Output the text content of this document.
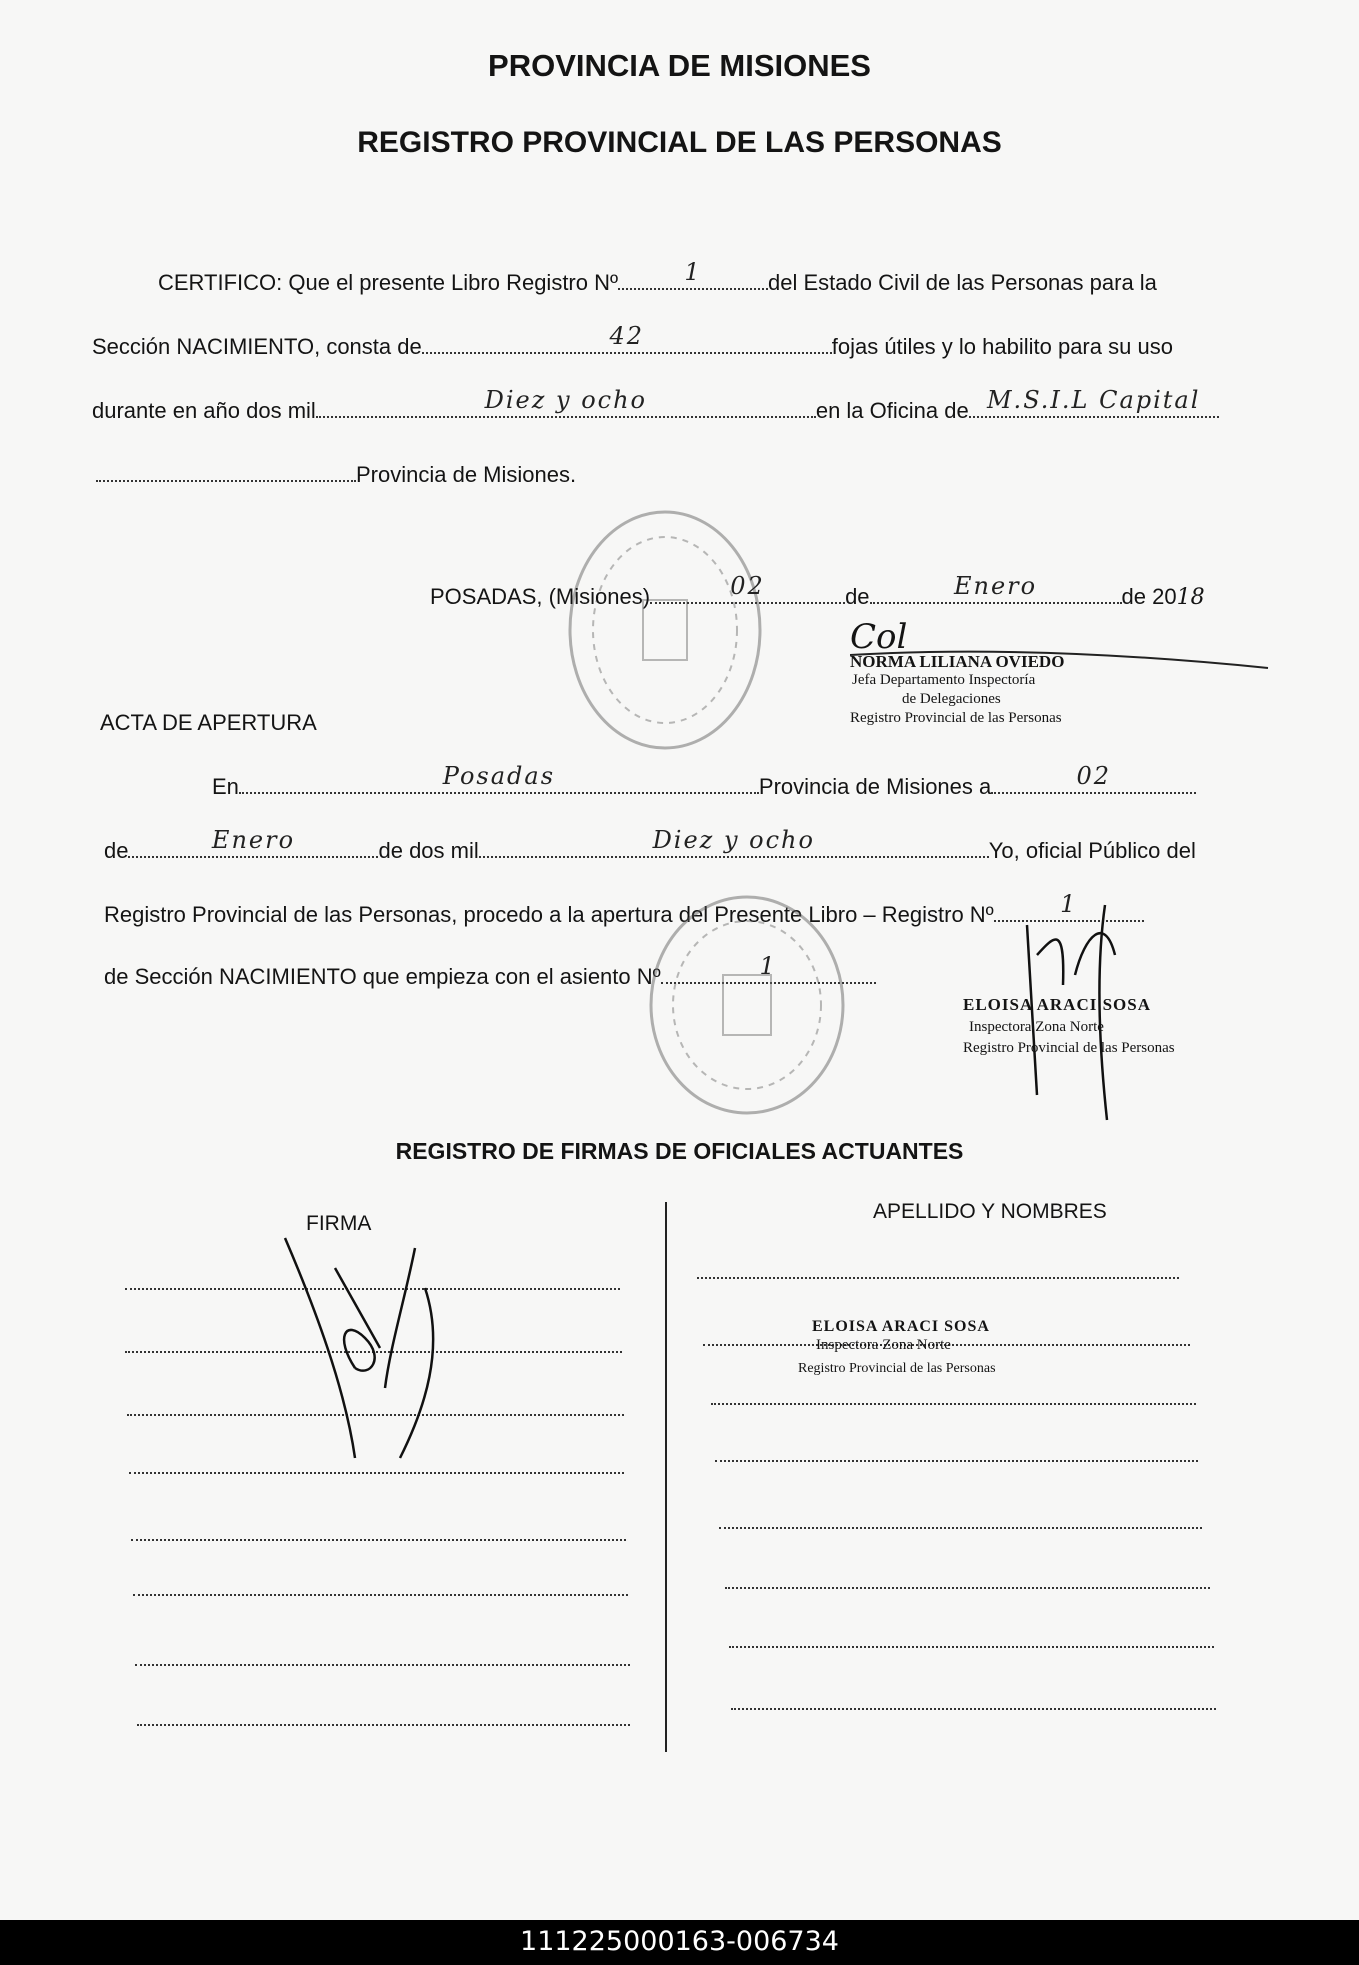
PROVINCIA DE MISIONES
REGISTRO PROVINCIAL DE LAS PERSONAS
CERTIFICO: Que el presente Libro Registro Nº	1	del Estado Civil de las Personas para la
Sección NACIMIENTO, consta de	42	fojas útiles y lo habilito para su uso
durante en año dos mil	Diez y ocho	en la Oficina de M.S.I.L Capital
Provincia de Misiones.
POSADAS, (Misiones)	02	de	Enero	de 2018
Col
NORMA LILIANA OVIEDO
Jefa Departamento Inspectoría
de Delegaciones
Registro Provincial de las Personas
ACTA DE APERTURA
En	Posadas	Provincia de Misiones a	02
de	Enero	de dos mil	Diez y ocho	Yo, oficial Público del
Registro Provincial de las Personas, procedo a la apertura del Presente Libro – Registro Nº	1
de Sección NACIMIENTO que empieza con el asiento Nº	1
ELOISA ARACI SOSA
Inspectora Zona Norte
Registro Provincial de las Personas
REGISTRO DE FIRMAS DE OFICIALES ACTUANTES
FIRMA
APELLIDO Y NOMBRES
ELOISA ARACI SOSA
Inspectora Zona Norte
Registro Provincial de las Personas
111225000163-006734
